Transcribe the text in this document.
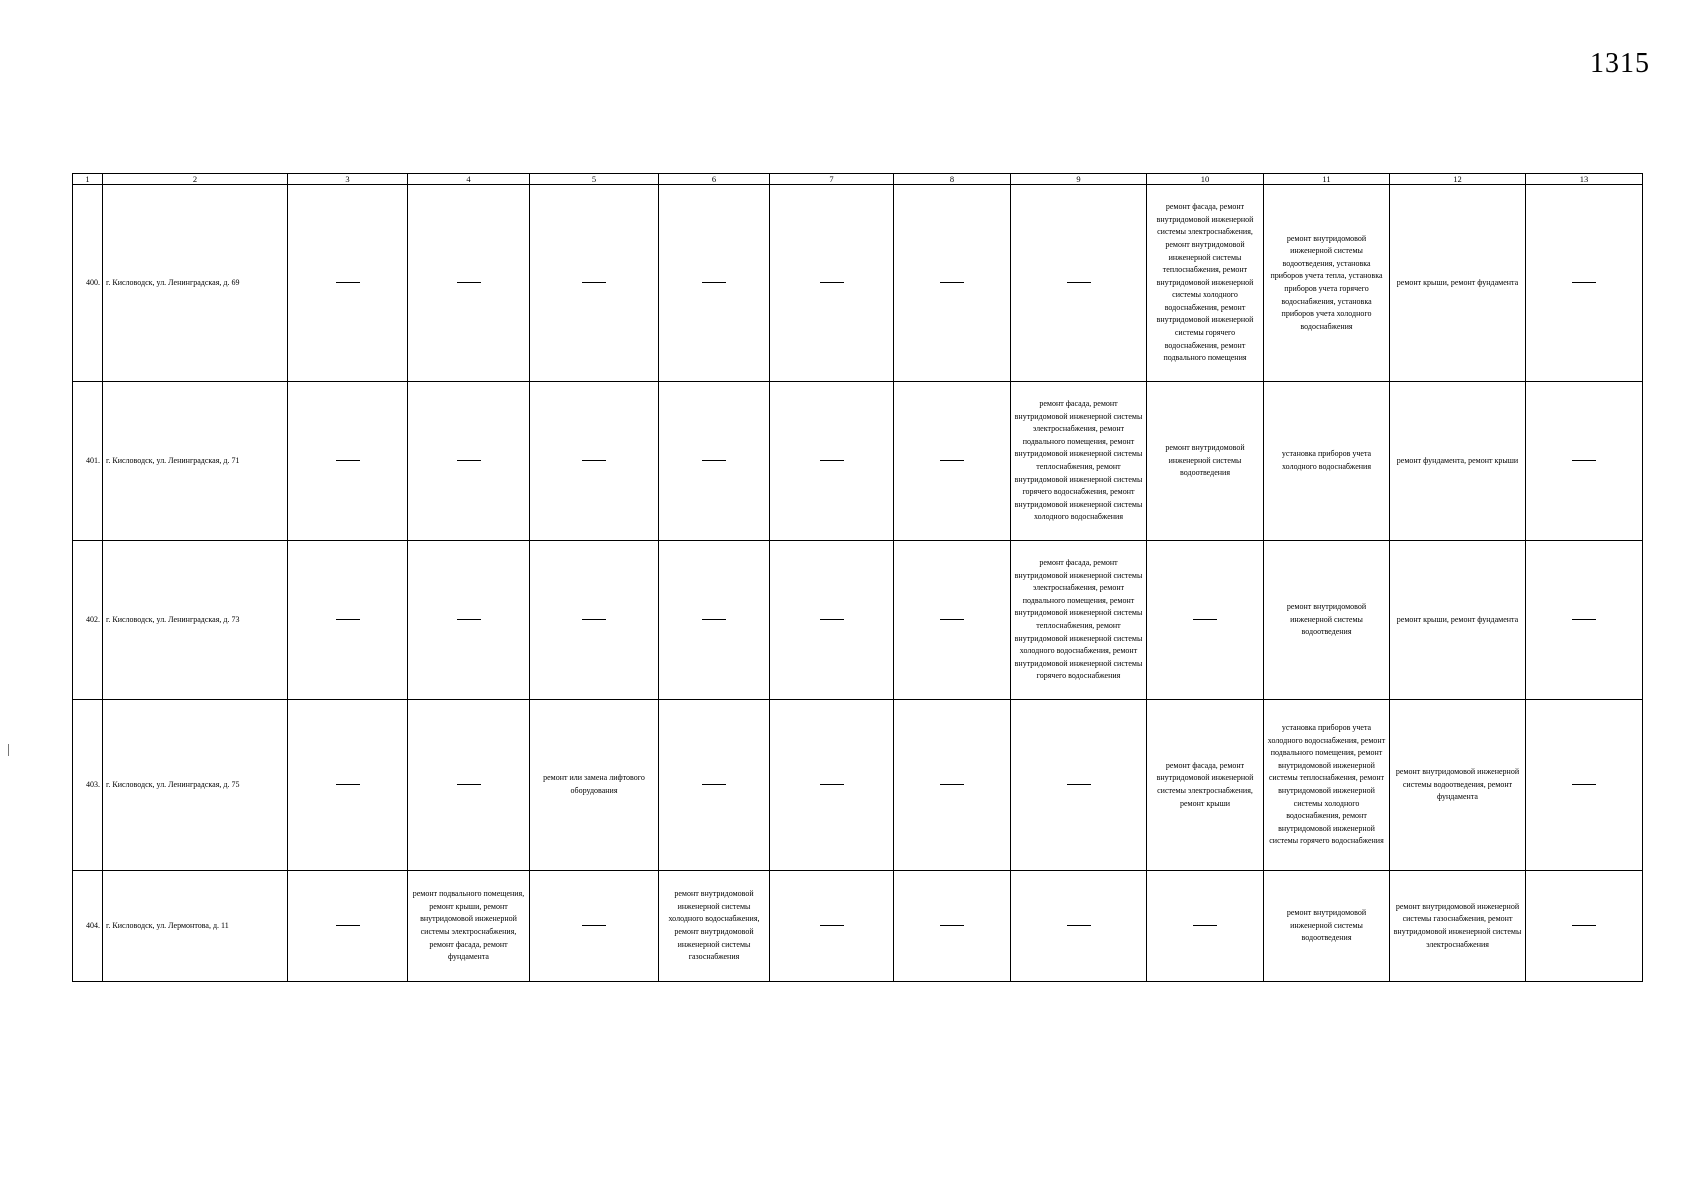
1315
1	2	3	4	5	6	7	8	9	10	11	12	13

400.	г. Кисловодск, ул. Ленинградская, д. 69								ремонт фасада, ремонт внутридомовой инженерной системы электроснабжения, ремонт внутридомовой инженерной системы теплоснабжения, ремонт внутридомовой инженерной системы холодного водоснабжения, ремонт внутридомовой инженерной системы горячего водоснабжения, ремонт подвального помещения	ремонт внутридомовой инженерной системы водоотведения, установка приборов учета тепла, установка приборов учета горячего водоснабжения, установка приборов учета холодного водоснабжения	ремонт крыши, ремонт фундамента	

401.	г. Кисловодск, ул. Ленинградская, д. 71							ремонт фасада, ремонт внутридомовой инженерной системы электроснабжения, ремонт подвального помещения, ремонт внутридомовой инженерной системы теплоснабжения, ремонт внутридомовой инженерной системы горячего водоснабжения, ремонт внутридомовой инженерной системы холодного водоснабжения	ремонт внутридомовой инженерной системы водоотведения	установка приборов учета холодного водоснабжения	ремонт фундамента, ремонт крыши	

402.	г. Кисловодск, ул. Ленинградская, д. 73							ремонт фасада, ремонт внутридомовой инженерной системы электроснабжения, ремонт подвального помещения, ремонт внутридомовой инженерной системы теплоснабжения, ремонт внутридомовой инженерной системы холодного водоснабжения, ремонт внутридомовой инженерной системы горячего водоснабжения		ремонт внутридомовой инженерной системы водоотведения	ремонт крыши, ремонт фундамента	

403.	г. Кисловодск, ул. Ленинградская, д. 75			ремонт или замена лифтового оборудования					ремонт фасада, ремонт внутридомовой инженерной системы электроснабжения, ремонт крыши	установка приборов учета холодного водоснабжения, ремонт подвального помещения, ремонт внутридомовой инженерной системы теплоснабжения, ремонт внутридомовой инженерной системы холодного водоснабжения, ремонт внутридомовой инженерной системы горячего водоснабжения	ремонт внутридомовой инженерной системы водоотведения, ремонт фундамента	

404.	г. Кисловодск, ул. Лермонтова, д. 11		ремонт подвального помещения, ремонт крыши, ремонт внутридомовой инженерной системы электроснабжения, ремонт фасада, ремонт фундамента		ремонт внутридомовой инженерной системы холодного водоснабжения, ремонт внутридомовой инженерной системы газоснабжения					ремонт внутридомовой инженерной системы водоотведения	ремонт внутридомовой инженерной системы газоснабжения, ремонт внутридомовой инженерной системы электроснабжения	
